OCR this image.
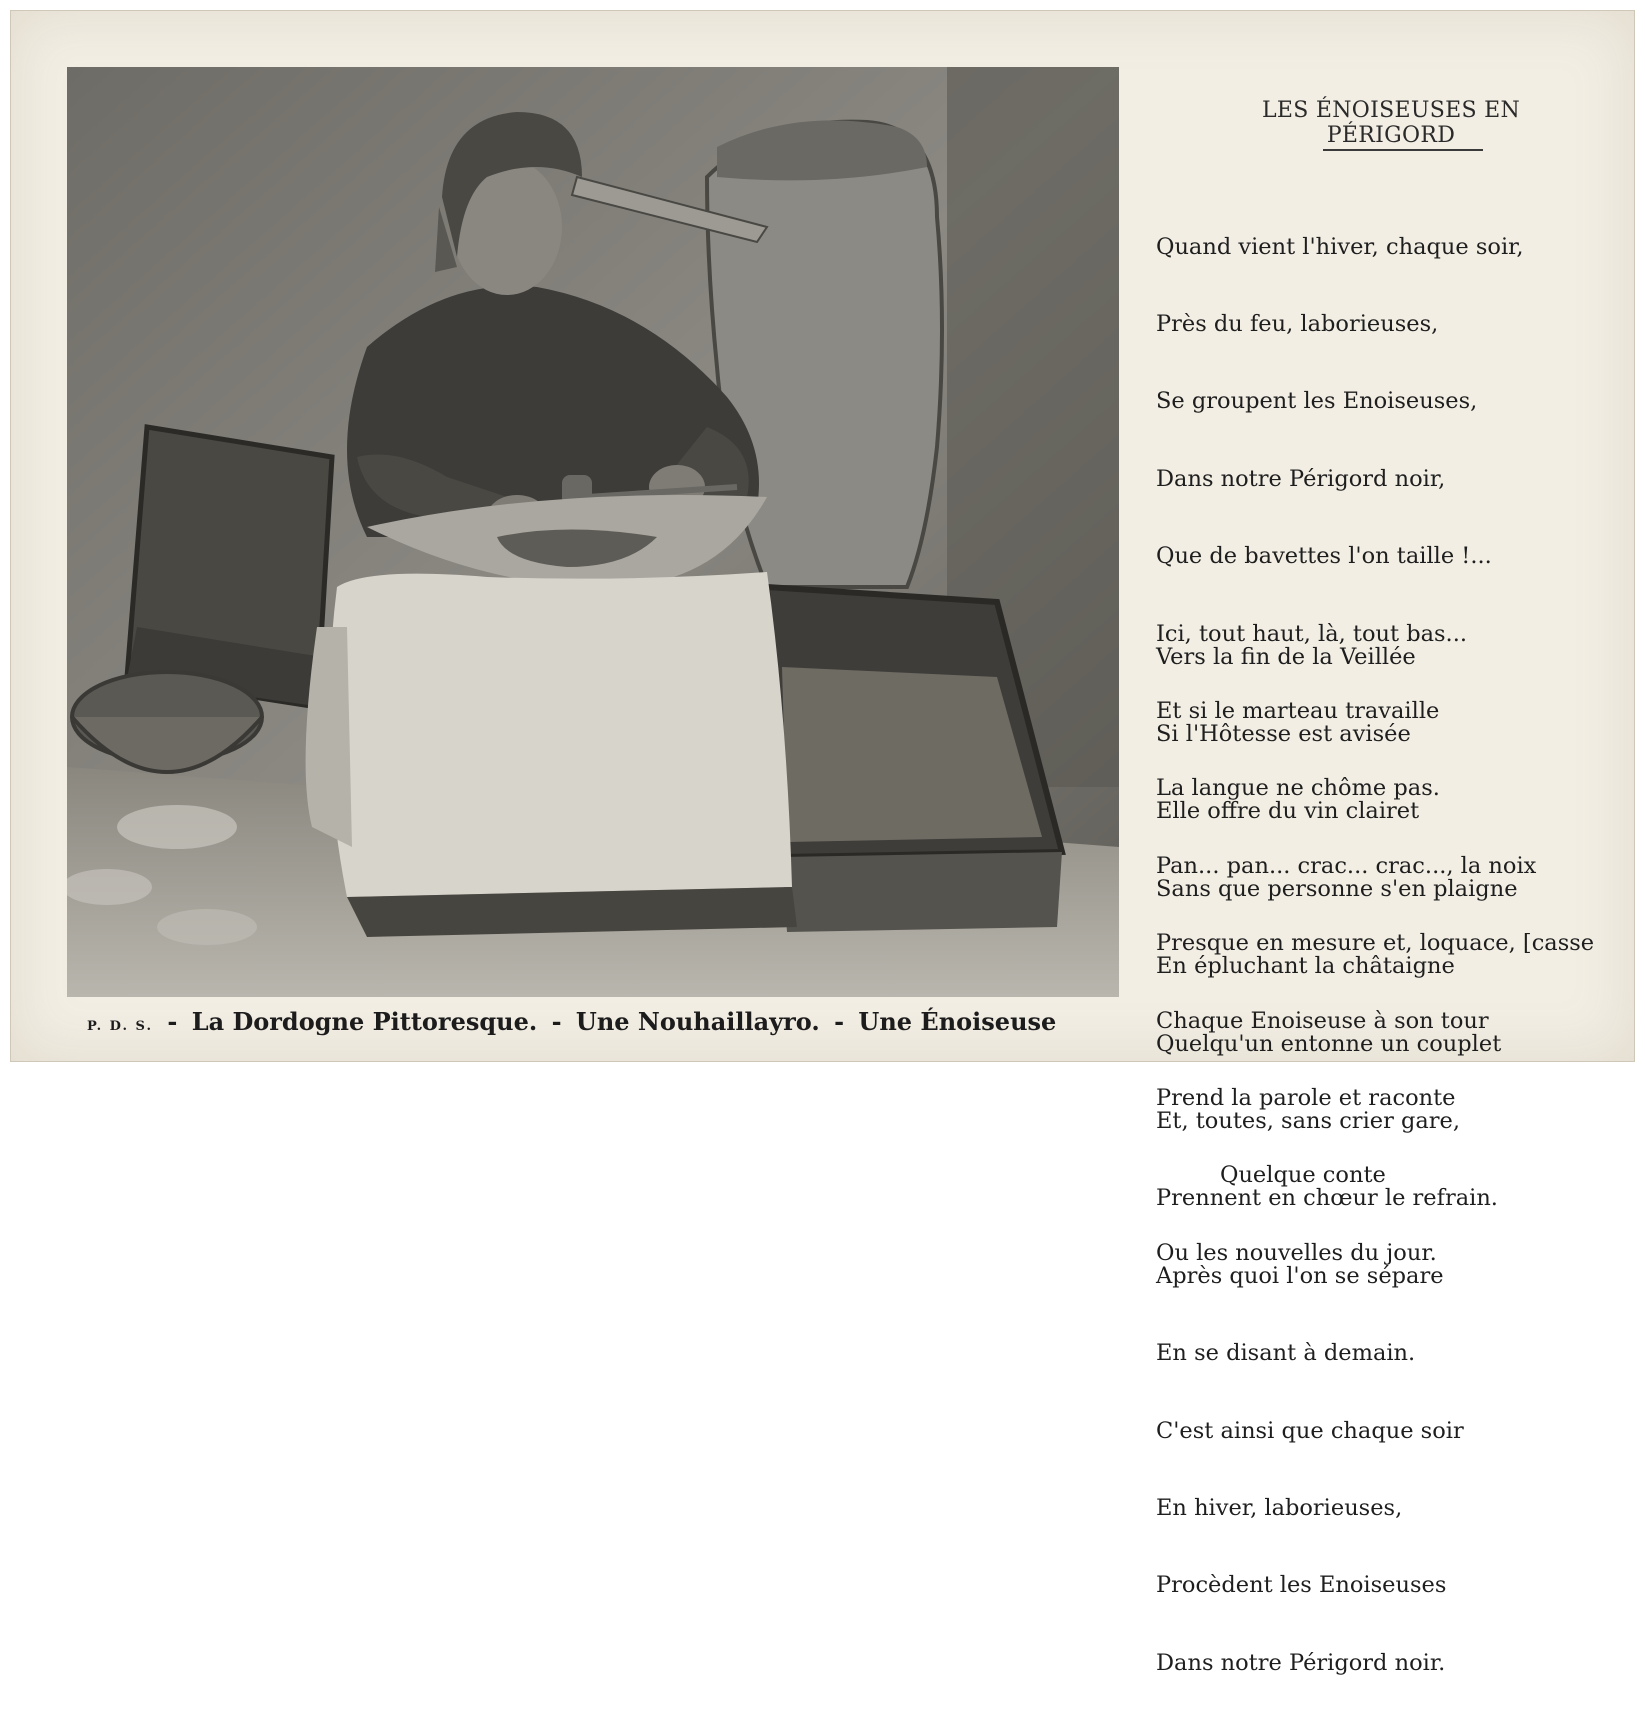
LES ÉNOISEUSES EN PÉRIGORD

Quand vient l'hiver, chaque soir,

Près du feu, laborieuses,

Se groupent les Enoiseuses,

Dans notre Périgord noir,

Que de bavettes l'on taille !...

Ici, tout haut, là, tout bas...

Et si le marteau travaille

La langue ne chôme pas.

Pan... pan... crac... crac..., la noix

Presque en mesure et, loquace, [casse

Chaque Enoiseuse à son tour

Prend la parole et raconte

Quelque conte

Ou les nouvelles du jour.

Vers la fin de la Veillée

Si l'Hôtesse est avisée

Elle offre du vin clairet

Sans que personne s'en plaigne

En épluchant la châtaigne

Quelqu'un entonne un couplet

Et, toutes, sans crier gare,

Prennent en chœur le refrain.

Après quoi l'on se sépare

En se disant à demain.

C'est ainsi que chaque soir

En hiver, laborieuses,

Procèdent les Enoiseuses

Dans notre Périgord noir.

P. D. S. - La Dordogne Pittoresque. - Une Nouhaillayro. - Une Énoiseuse
